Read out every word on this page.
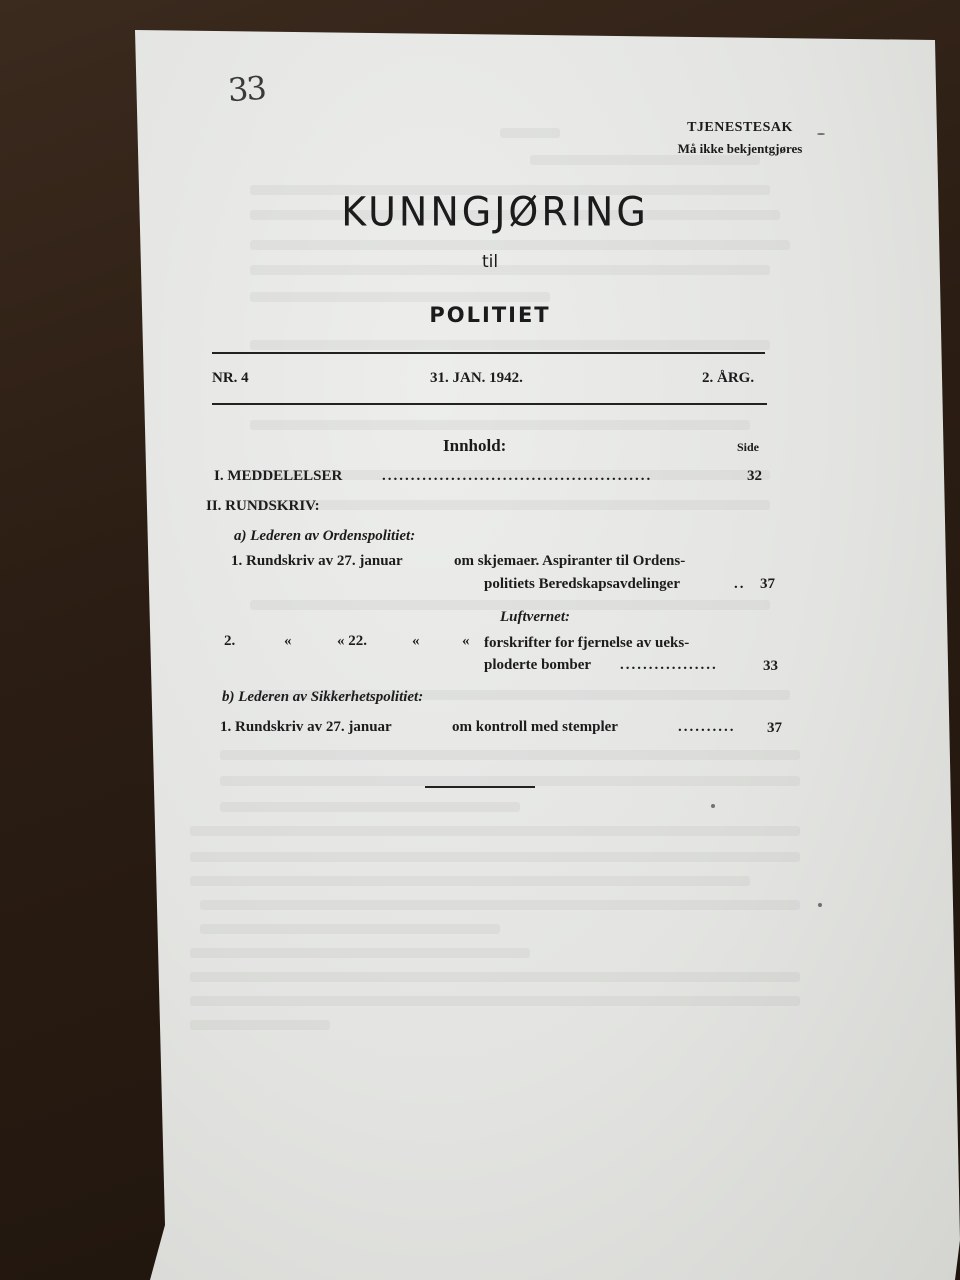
33
TJENESTESAK
Må ikke bekjentgjøres
KUNNGJØRING
til
POLITIET
NR. 4	31. JAN. 1942.	2. ÅRG.
Innhold:	Side
I. MEDDELELSER	...............................................	32
II. RUNDSKRIV:
a) Lederen av Ordenspolitiet:
1. Rundskriv av 27. januar	om skjemaer. Aspiranter til Ordens-
politiets Beredskapsavdelinger	.. 37
Luftvernet:
2.	«	« 22.	«	« forskrifter for fjernelse av ueks-
ploderte bomber .................	33
b) Lederen av Sikkerhetspolitiet:
1. Rundskriv av 27. januar	om kontroll med stempler	.......... 37
